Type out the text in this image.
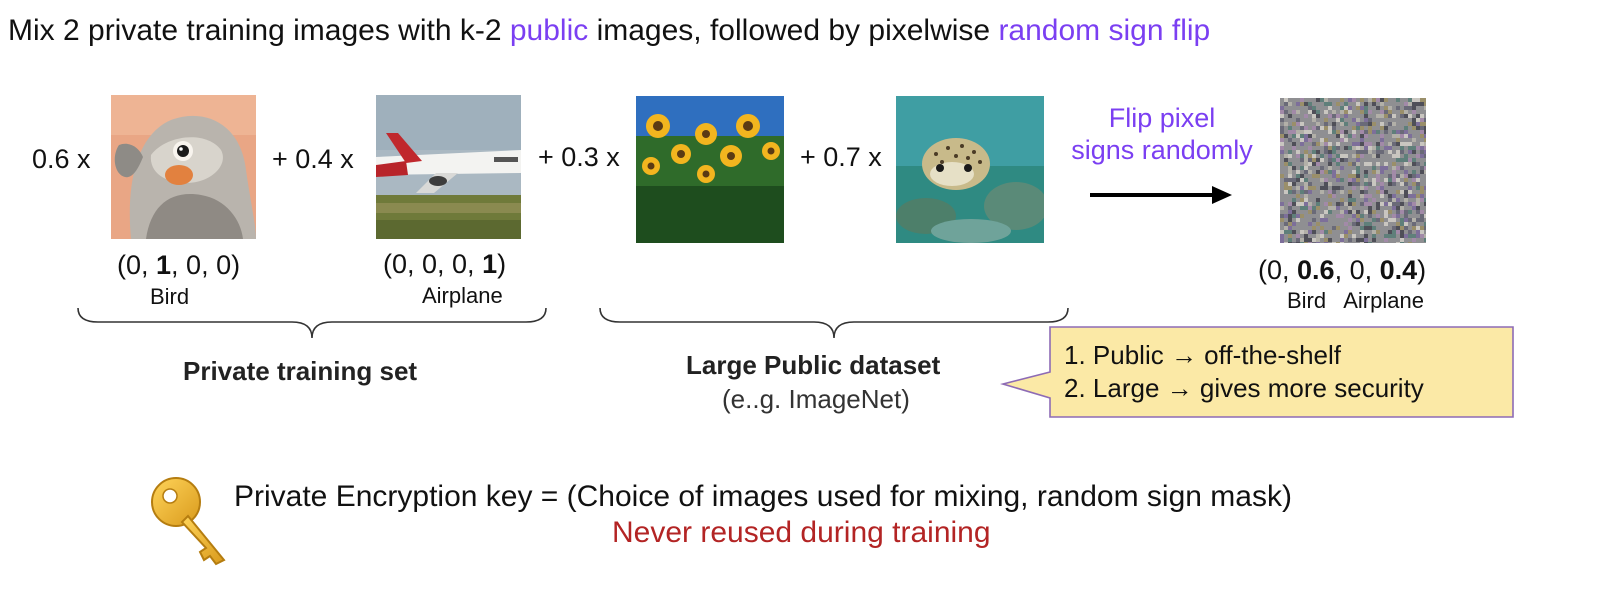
Mix 2 private training images with k-2 public images, followed by pixelwise random sign flip
0.6 x	+ 0.4 x	+ 0.3 x	+ 0.7 x
Flip pixel
signs randomly
(0, 1, 0, 0)
Bird
(0, 0, 0, 1)
Airplane
(0, 0.6, 0, 0.4)
Bird   Airplane
Private training set	Large Public dataset
(e..g. ImageNet)
1. Public → off-the-shelf
2. Large → gives more security
Private Encryption key = (Choice of images used for mixing, random sign mask)
Never reused during training
